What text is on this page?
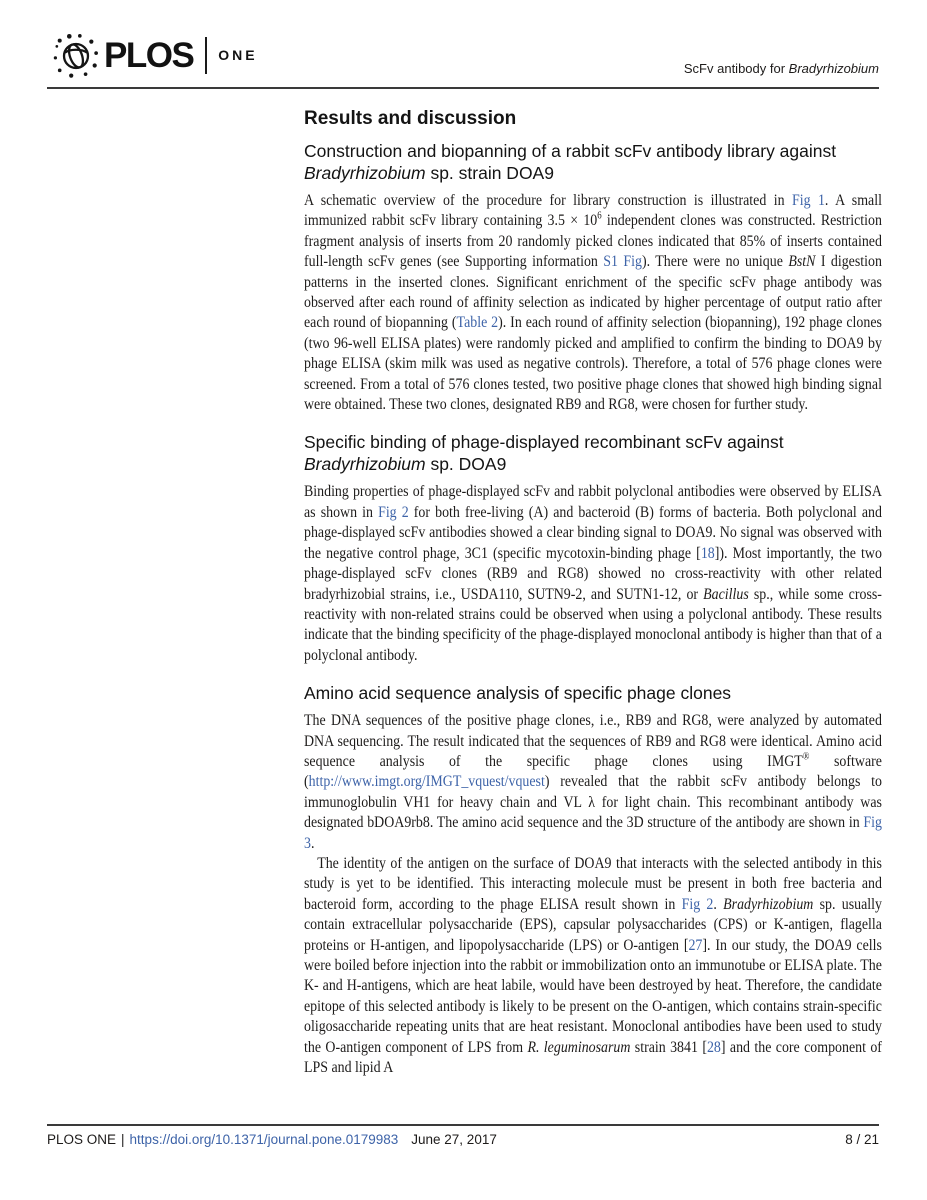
PLOS ONE
ScFv antibody for Bradyrhizobium
Results and discussion
Construction and biopanning of a rabbit scFv antibody library against Bradyrhizobium sp. strain DOA9

A schematic overview of the procedure for library construction is illustrated in Fig 1. A small immunized rabbit scFv library containing $3.5 \times 10^6$ independent clones was constructed. Restriction fragment analysis of inserts from 20 randomly picked clones indicated that 85% of inserts contained full-length scFv genes (see Supporting information S1 Fig). There were no unique BstN I digestion patterns in the inserted clones. Significant enrichment of the specific scFv phage antibody was observed after each round of affinity selection as indicated by higher percentage of output ratio after each round of biopanning (Table 2). In each round of affinity selection (biopanning), 192 phage clones (two 96-well ELISA plates) were randomly picked and amplified to confirm the binding to DOA9 by phage ELISA (skim milk was used as negative controls). Therefore, a total of 576 phage clones were screened. From a total of 576 clones tested, two positive phage clones that showed high binding signal were obtained. These two clones, designated RB9 and RG8, were chosen for further study.

Specific binding of phage-displayed recombinant scFv against Bradyrhizobium sp. DOA9

Binding properties of phage-displayed scFv and rabbit polyclonal antibodies were observed by ELISA as shown in Fig 2 for both free-living (A) and bacteroid (B) forms of bacteria. Both polyclonal and phage-displayed scFv antibodies showed a clear binding signal to DOA9. No signal was observed with the negative control phage, 3C1 (specific mycotoxin-binding phage [18]). Most importantly, the two phage-displayed scFv clones (RB9 and RG8) showed no cross-reactivity with other related bradyrhizobial strains, i.e., USDA110, SUTN9-2, and SUTN1-12, or Bacillus sp., while some cross-reactivity with non-related strains could be observed when using a polyclonal antibody. These results indicate that the binding specificity of the phage-displayed monoclonal antibody is higher than that of a polyclonal antibody.

Amino acid sequence analysis of specific phage clones

The DNA sequences of the positive phage clones, i.e., RB9 and RG8, were analyzed by automated DNA sequencing. The result indicated that the sequences of RB9 and RG8 were identical. Amino acid sequence analysis of the specific phage clones using IMGT® software (http://www.imgt.org/IMGT_vquest/vquest) revealed that the rabbit scFv antibody belongs to immunoglobulin VH1 for heavy chain and VL λ for light chain. This recombinant antibody was designated bDOA9rb8. The amino acid sequence and the 3D structure of the antibody are shown in Fig 3.

The identity of the antigen on the surface of DOA9 that interacts with the selected antibody in this study is yet to be identified. This interacting molecule must be present in both free bacteria and bacteroid form, according to the phage ELISA result shown in Fig 2. Bradyrhizobium sp. usually contain extracellular polysaccharide (EPS), capsular polysaccharides (CPS) or K-antigen, flagella proteins or H-antigen, and lipopolysaccharide (LPS) or O-antigen [27]. In our study, the DOA9 cells were boiled before injection into the rabbit or immobilization onto an immunotube or ELISA plate. The K- and H-antigens, which are heat labile, would have been destroyed by heat. Therefore, the candidate epitope of this selected antibody is likely to be present on the O-antigen, which contains strain-specific oligosaccharide repeating units that are heat resistant. Monoclonal antibodies have been used to study the O-antigen component of LPS from R. leguminosarum strain 3841 [28] and the core component of LPS and lipid A

PLOS ONE | https://doi.org/10.1371/journal.pone.0179983 June 27, 2017	8 / 21
